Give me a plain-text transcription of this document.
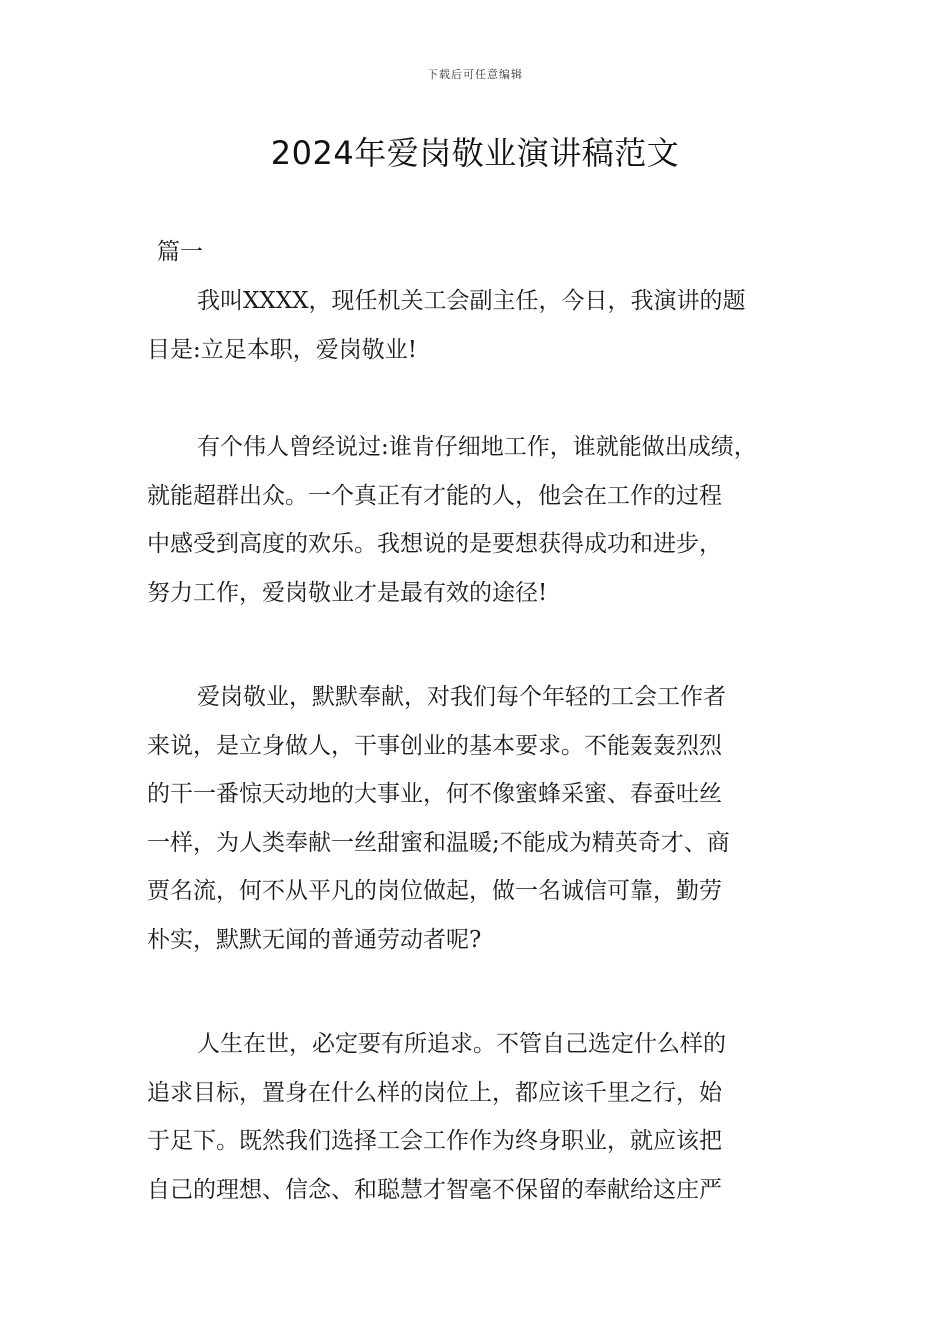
下载后可任意编辑
2024年爱岗敬业演讲稿范文
篇一
我叫XXXX，现任机关工会副主任，今日，我演讲的题
目是:立足本职，爱岗敬业!
有个伟人曾经说过:谁肯仔细地工作，谁就能做出成绩，
就能超群出众。一个真正有才能的人，他会在工作的过程
中感受到高度的欢乐。我想说的是要想获得成功和进步，
努力工作，爱岗敬业才是最有效的途径!
爱岗敬业，默默奉献，对我们每个年轻的工会工作者
来说，是立身做人，干事创业的基本要求。不能轰轰烈烈
的干一番惊天动地的大事业，何不像蜜蜂采蜜、春蚕吐丝
一样，为人类奉献一丝甜蜜和温暖;不能成为精英奇才、商
贾名流，何不从平凡的岗位做起，做一名诚信可靠，勤劳
朴实，默默无闻的普通劳动者呢?
人生在世，必定要有所追求。不管自己选定什么样的
追求目标，置身在什么样的岗位上，都应该千里之行，始
于足下。既然我们选择工会工作作为终身职业，就应该把
自己的理想、信念、和聪慧才智毫不保留的奉献给这庄严
